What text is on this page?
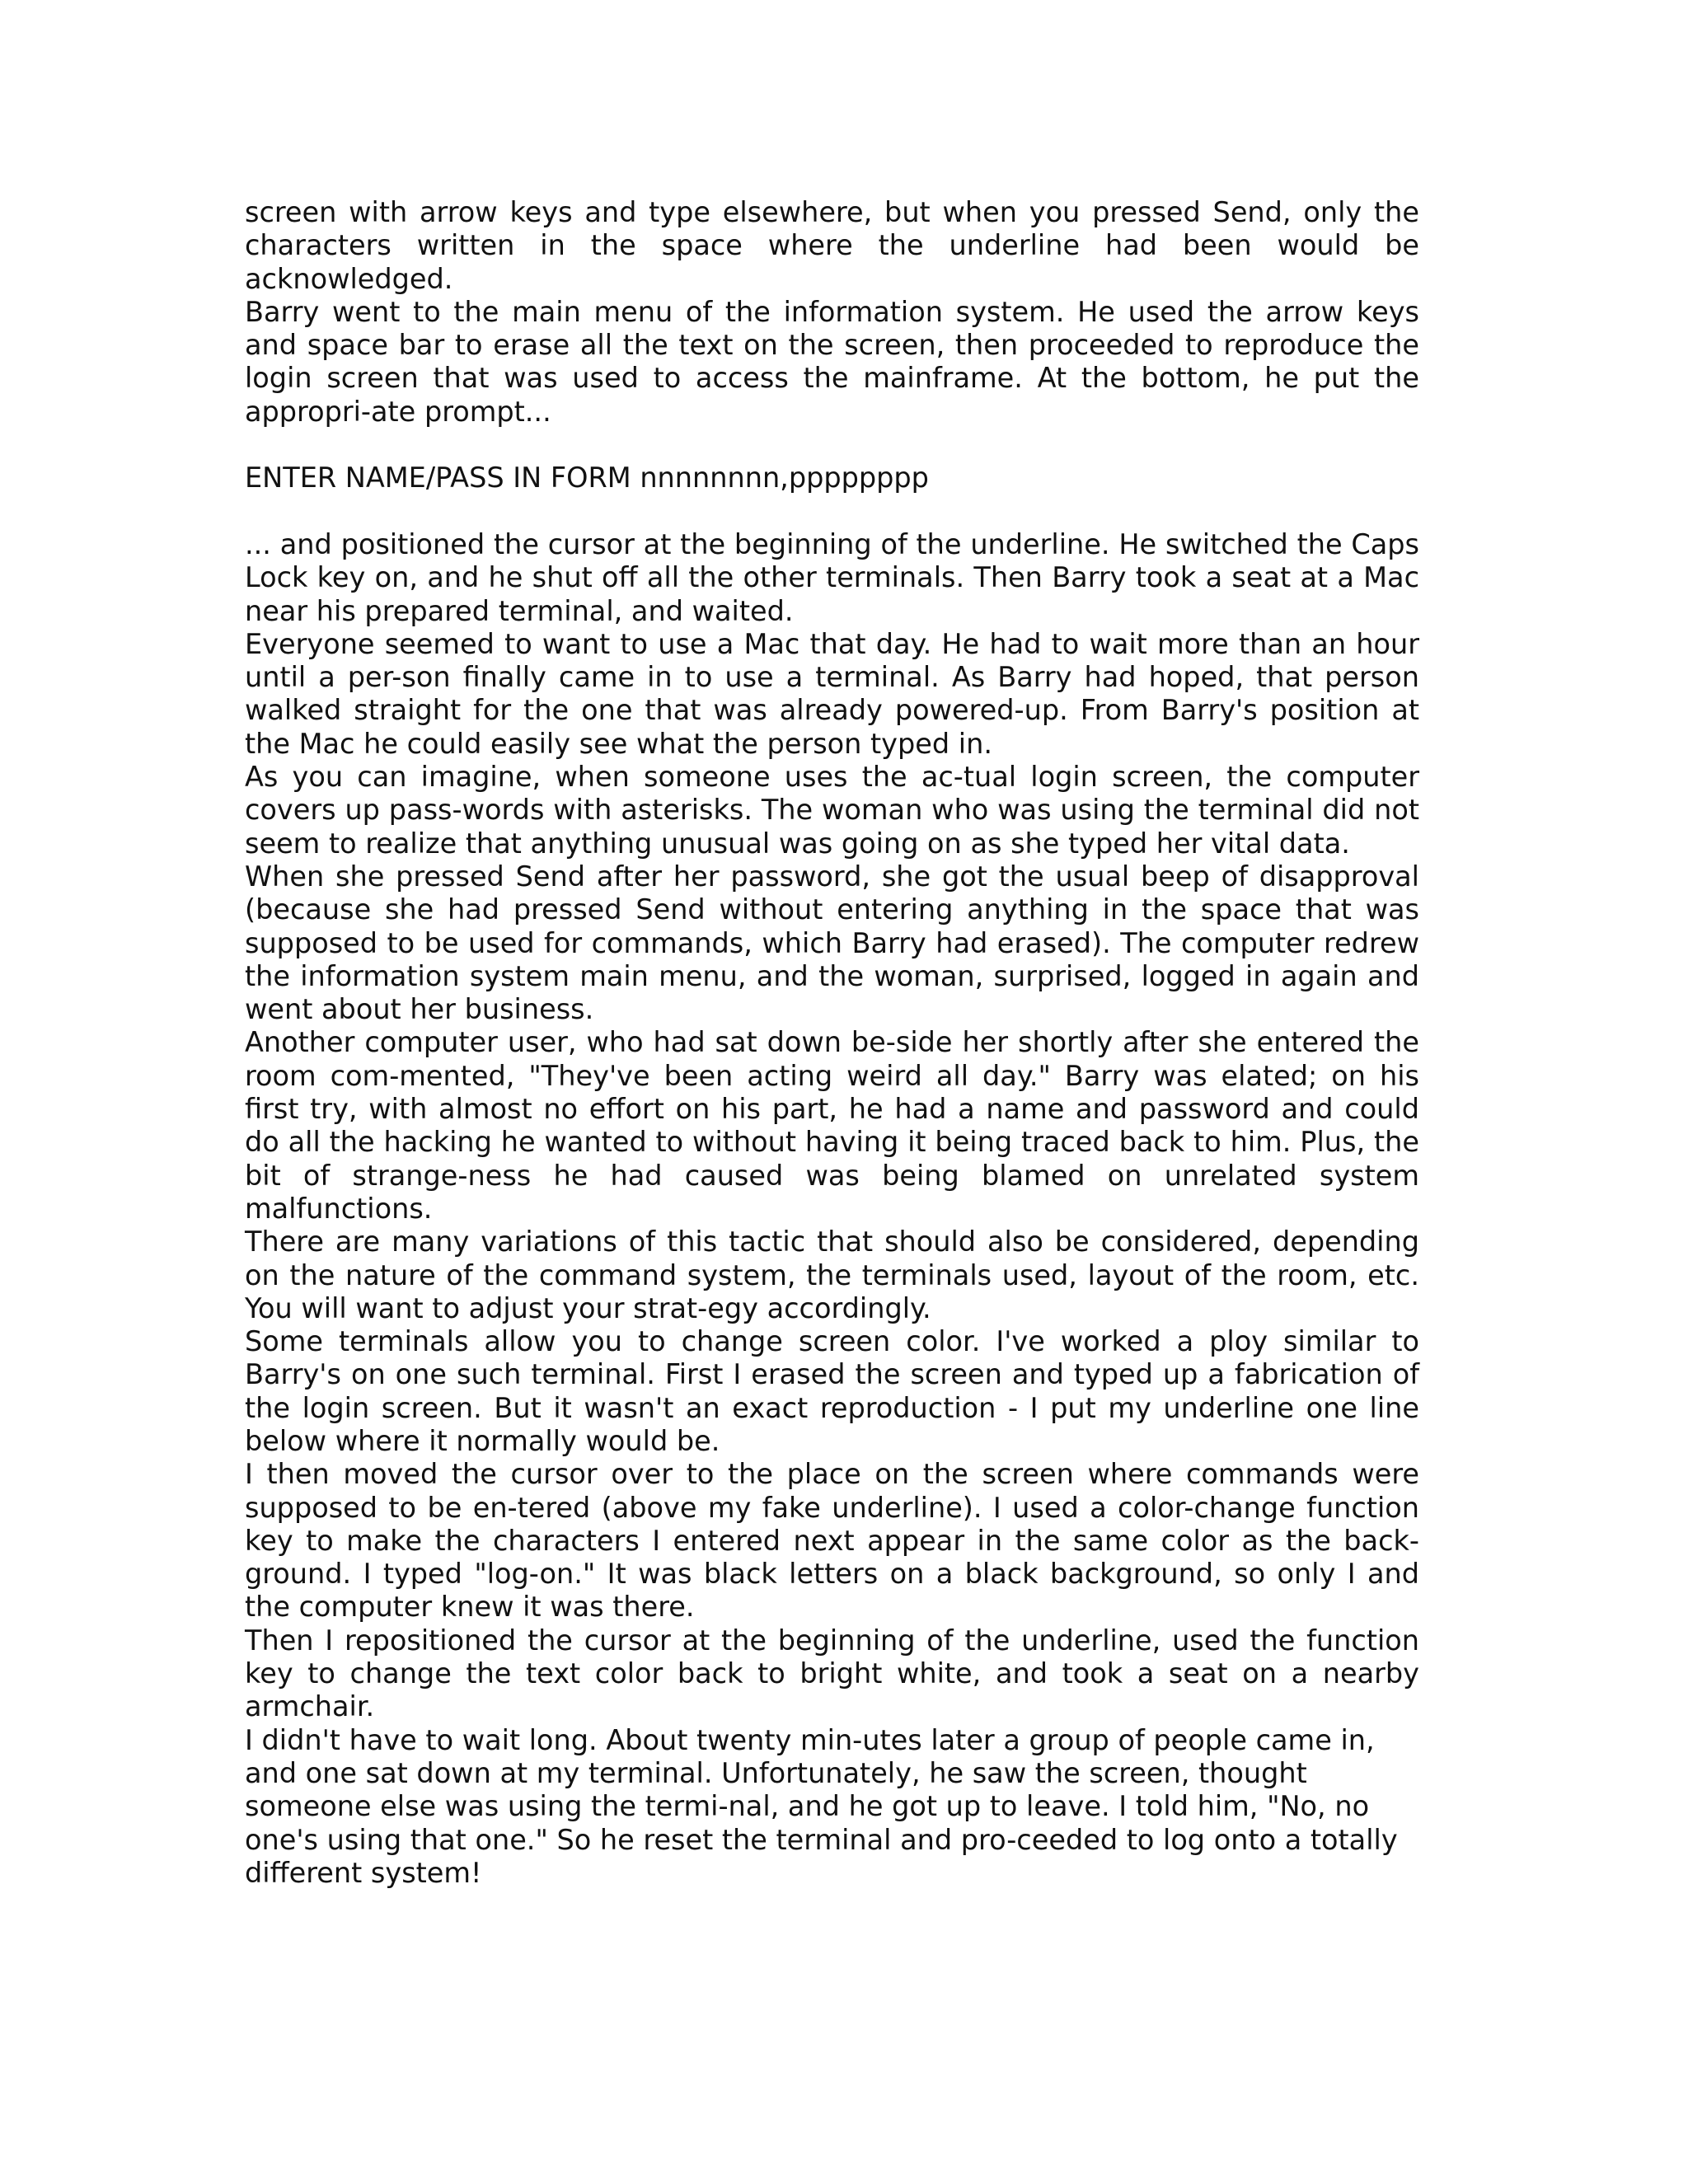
screen with arrow keys and type elsewhere, but when you pressed Send, only the characters written in the space where the underline had been would be acknowledged.

Barry went to the main menu of the information system. He used the arrow keys and space bar to erase all the text on the screen, then proceeded to reproduce the login screen that was used to access the mainframe. At the bottom, he put the appropri-ate prompt...

ENTER NAME/PASS IN FORM nnnnnnnn,pppppppp

... and positioned the cursor at the beginning of the underline. He switched the Caps Lock key on, and he shut off all the other terminals. Then Barry took a seat at a Mac near his prepared terminal, and waited.

Everyone seemed to want to use a Mac that day. He had to wait more than an hour until a per-son finally came in to use a terminal. As Barry had hoped, that person walked straight for the one that was already powered-up. From Barry's position at the Mac he could easily see what the person typed in.

As you can imagine, when someone uses the ac-tual login screen, the computer covers up pass-words with asterisks. The woman who was using the terminal did not seem to realize that anything unusual was going on as she typed her vital data.

When she pressed Send after her password, she got the usual beep of disapproval (because she had pressed Send without entering anything in the space that was supposed to be used for commands, which Barry had erased). The computer redrew the information system main menu, and the woman, surprised, logged in again and went about her business.

Another computer user, who had sat down be-side her shortly after she entered the room com-mented, "They've been acting weird all day." Barry was elated; on his first try, with almost no effort on his part, he had a name and password and could do all the hacking he wanted to without having it being traced back to him. Plus, the bit of strange-ness he had caused was being blamed on unrelated system malfunctions.

There are many variations of this tactic that should also be considered, depending on the nature of the command system, the terminals used, layout of the room, etc. You will want to adjust your strat-egy accordingly.

Some terminals allow you to change screen color. I've worked a ploy similar to Barry's on one such terminal. First I erased the screen and typed up a fabrication of the login screen. But it wasn't an exact reproduction - I put my underline one line below where it normally would be.

I then moved the cursor over to the place on the screen where commands were supposed to be en-tered (above my fake underline). I used a color-change function key to make the characters I entered next appear in the same color as the back-ground. I typed "log-on." It was black letters on a black background, so only I and the computer knew it was there.

Then I repositioned the cursor at the beginning of the underline, used the function key to change the text color back to bright white, and took a seat on a nearby armchair.

I didn't have to wait long. About twenty min-utes later a group of people came in, and one sat down at my terminal. Unfortunately, he saw the screen, thought someone else was using the termi-nal, and he got up to leave. I told him, "No, no one's using that one." So he reset the terminal and pro-ceeded to log onto a totally different system!
